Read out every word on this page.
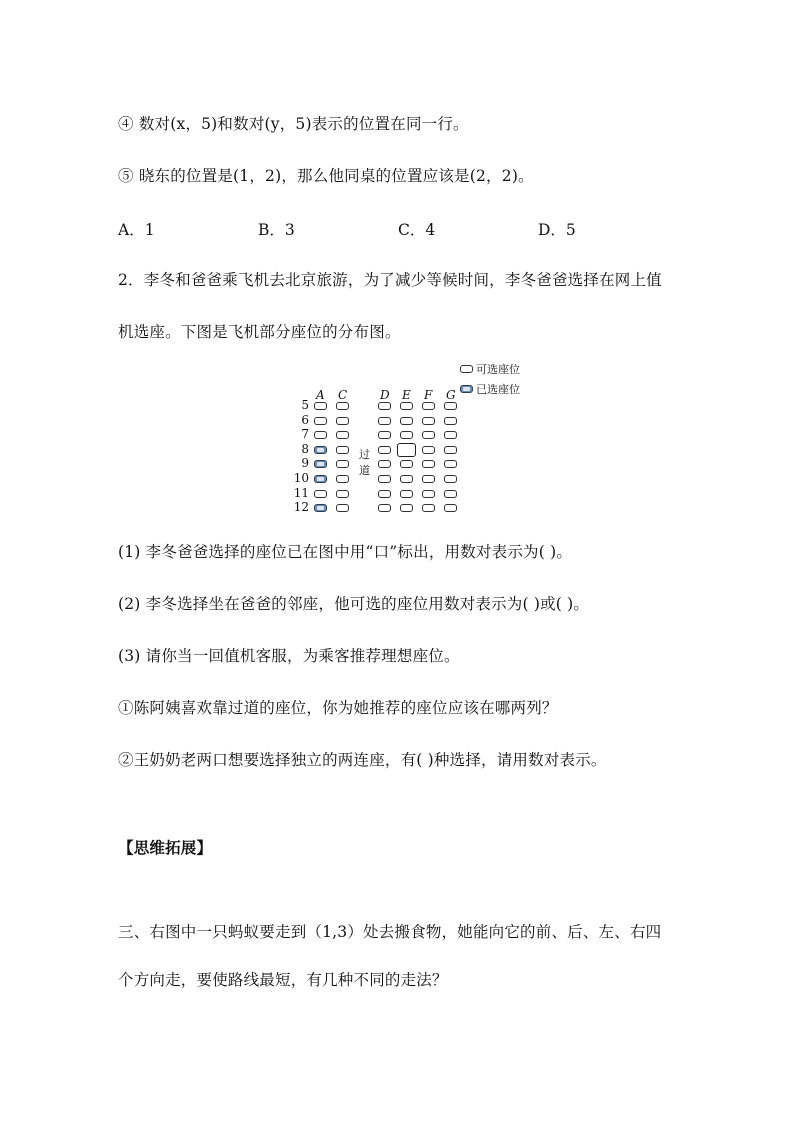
④ 数对(x，5)和数对(y，5)表示的位置在同一行。
⑤ 晓东的位置是(1，2)，那么他同桌的位置应该是(2，2)。
A．1	B．3	C．4	D．5
2．李冬和爸爸乘飞机去北京旅游，为了减少等候时间，李冬爸爸选择在网上值
机选座。下图是飞机部分座位的分布图。
可选座位
已选座位
过
道
A C	D E F G
5
6
7
8
9
10
11
12
(1) 李冬爸爸选择的座位已在图中用“口”标出，用数对表示为( )。
(2) 李冬选择坐在爸爸的邻座，他可选的座位用数对表示为( )或( )。
(3) 请你当一回值机客服，为乘客推荐理想座位。
①陈阿姨喜欢靠过道的座位，你为她推荐的座位应该在哪两列？
②王奶奶老两口想要选择独立的两连座，有( )种选择，请用数对表示。
【思维拓展】
三、右图中一只蚂蚁要走到（1,3）处去搬食物，她能向它的前、后、左、右四
个方向走，要使路线最短，有几种不同的走法？
